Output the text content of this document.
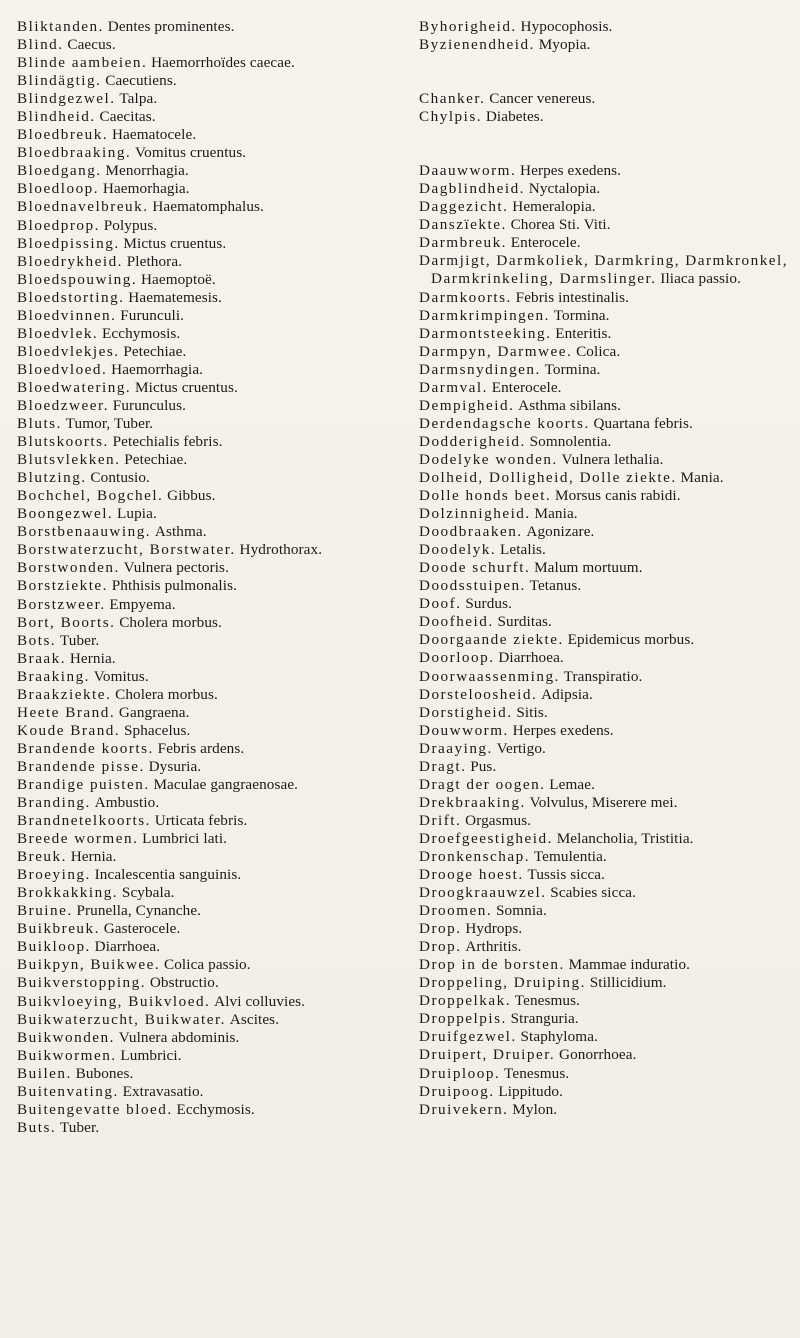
Bliktanden. Dentes prominentes.

Blind. Caecus.

Blinde aambeien. Haemorrhoïdes caecae.

Blindägtig. Caecutiens.

Blindgezwel. Talpa.

Blindheid. Caecitas.

Bloedbreuk. Haematocele.

Bloedbraaking. Vomitus cruentus.

Bloedgang. Menorrhagia.

Bloedloop. Haemorhagia.

Bloednavelbreuk. Haematomphalus.

Bloedprop. Polypus.

Bloedpissing. Mictus cruentus.

Bloedrykheid. Plethora.

Bloedspouwing. Haemoptoë.

Bloedstorting. Haematemesis.

Bloedvinnen. Furunculi.

Bloedvlek. Ecchymosis.

Bloedvlekjes. Petechiae.

Bloedvloed. Haemorrhagia.

Bloedwatering. Mictus cruentus.

Bloedzweer. Furunculus.

Bluts. Tumor, Tuber.

Blutskoorts. Petechialis febris.

Blutsvlekken. Petechiae.

Blutzing. Contusio.

Bochchel, Bogchel. Gibbus.

Boongezwel. Lupia.

Borstbenaauwing. Asthma.

Borstwaterzucht, Borstwater. Hydrothorax.

Borstwonden. Vulnera pectoris.

Borstziekte. Phthisis pulmonalis.

Borstzweer. Empyema.

Bort, Boorts. Cholera morbus.

Bots. Tuber.

Braak. Hernia.

Braaking. Vomitus.

Braakziekte. Cholera morbus.

Heete Brand. Gangraena.

Koude Brand. Sphacelus.

Brandende koorts. Febris ardens.

Brandende pisse. Dysuria.

Brandige puisten. Maculae gangraenosae.

Branding. Ambustio.

Brandnetelkoorts. Urticata febris.

Breede wormen. Lumbrici lati.

Breuk. Hernia.

Broeying. Incalescentia sanguinis.

Brokkakking. Scybala.

Bruine. Prunella, Cynanche.

Buikbreuk. Gasterocele.

Buikloop. Diarrhoea.

Buikpyn, Buikwee. Colica passio.

Buikverstopping. Obstructio.

Buikvloeying, Buikvloed. Alvi colluvies.

Buikwaterzucht, Buikwater. Ascites.

Buikwonden. Vulnera abdominis.

Buikwormen. Lumbrici.

Builen. Bubones.

Buitenvating. Extravasatio.

Buitengevatte bloed. Ecchymosis.

Buts. Tuber.

Byhorigheid. Hypocophosis.

Byzienendheid. Myopia.

Chanker. Cancer venereus.

Chylpis. Diabetes.

Daauwworm. Herpes exedens.

Dagblindheid. Nyctalopia.

Daggezicht. Hemeralopia.

Danszïekte. Chorea Sti. Viti.

Darmbreuk. Enterocele.

Darmjigt, Darmkoliek, Darmkring, Darmkronkel, Darmkrinkeling, Darmslinger. Iliaca passio.

Darmkoorts. Febris intestinalis.

Darmkrimpingen. Tormina.

Darmontsteeking. Enteritis.

Darmpyn, Darmwee. Colica.

Darmsnydingen. Tormina.

Darmval. Enterocele.

Dempigheid. Asthma sibilans.

Derdendagsche koorts. Quartana febris.

Dodderigheid. Somnolentia.

Dodelyke wonden. Vulnera lethalia.

Dolheid, Dolligheid, Dolle ziekte. Mania.

Dolle honds beet. Morsus canis rabidi.

Dolzinnigheid. Mania.

Doodbraaken. Agonizare.

Doodelyk. Letalis.

Doode schurft. Malum mortuum.

Doodsstuipen. Tetanus.

Doof. Surdus.

Doofheid. Surditas.

Doorgaande ziekte. Epidemicus morbus.

Doorloop. Diarrhoea.

Doorwaassenming. Transpiratio.

Dorsteloosheid. Adipsia.

Dorstigheid. Sitis.

Douwworm. Herpes exedens.

Draaying. Vertigo.

Dragt. Pus.

Dragt der oogen. Lemae.

Drekbraaking. Volvulus, Miserere mei.

Drift. Orgasmus.

Droefgeestigheid. Melancholia, Tristitia.

Dronkenschap. Temulentia.

Drooge hoest. Tussis sicca.

Droogkraauwzel. Scabies sicca.

Droomen. Somnia.

Drop. Hydrops.

Drop. Arthritis.

Drop in de borsten. Mammae induratio.

Droppeling, Druiping. Stillicidium.

Droppelkak. Tenesmus.

Droppelpis. Stranguria.

Druifgezwel. Staphyloma.

Druipert, Druiper. Gonorrhoea.

Druiploop. Tenesmus.

Druipoog. Lippitudo.

Druivekern. Mylon.
